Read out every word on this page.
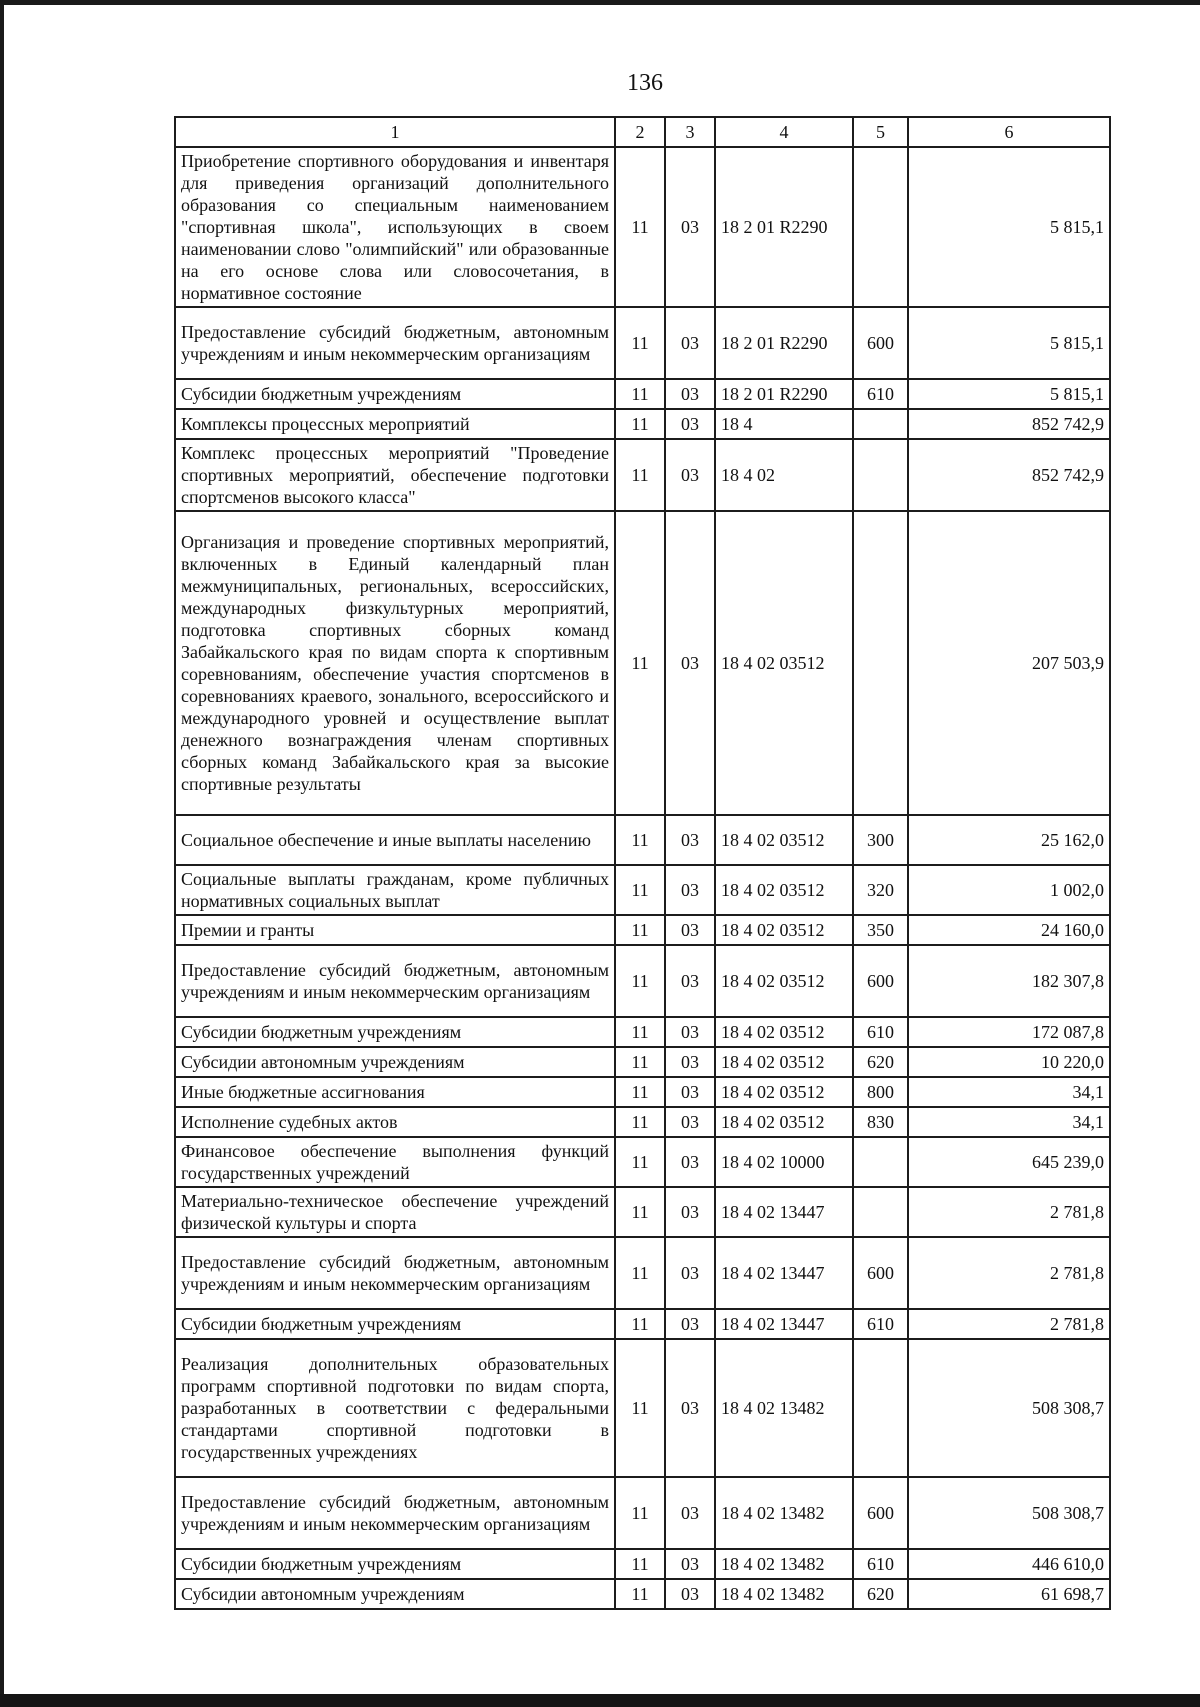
136
1	2	3	4	5	6
Приобретение спортивного оборудования и инвентаря для приведения организаций дополнительного образования со специальным наименованием "спортивная школа", использующих в своем наименовании слово "олимпийский" или образованные на его основе слова или словосочетания, в нормативное состояние	11	03	18 2 01 R2290		5 815,1
Предоставление субсидий бюджетным, автономным учреждениям и иным некоммерческим организациям	11	03	18 2 01 R2290	600	5 815,1
Субсидии бюджетным учреждениям	11	03	18 2 01 R2290	610	5 815,1
Комплексы процессных мероприятий	11	03	18 4		852 742,9
Комплекс процессных мероприятий "Проведение спортивных мероприятий, обеспечение подготовки спортсменов высокого класса"	11	03	18 4 02		852 742,9
Организация и проведение спортивных мероприятий, включенных в Единый календарный план межмуниципальных, региональных, всероссийских, международных физкультурных мероприятий, подготовка спортивных сборных команд Забайкальского края по видам спорта к спортивным соревнованиям, обеспечение участия спортсменов в соревнованиях краевого, зонального, всероссийского и международного уровней и осуществление выплат денежного вознаграждения членам спортивных сборных команд Забайкальского края за высокие спортивные результаты	11	03	18 4 02 03512		207 503,9
Социальное обеспечение и иные выплаты населению	11	03	18 4 02 03512	300	25 162,0
Социальные выплаты гражданам, кроме публичных нормативных социальных выплат	11	03	18 4 02 03512	320	1 002,0
Премии и гранты	11	03	18 4 02 03512	350	24 160,0
Предоставление субсидий бюджетным, автономным учреждениям и иным некоммерческим организациям	11	03	18 4 02 03512	600	182 307,8
Субсидии бюджетным учреждениям	11	03	18 4 02 03512	610	172 087,8
Субсидии автономным учреждениям	11	03	18 4 02 03512	620	10 220,0
Иные бюджетные ассигнования	11	03	18 4 02 03512	800	34,1
Исполнение судебных актов	11	03	18 4 02 03512	830	34,1
Финансовое обеспечение выполнения функций государственных учреждений	11	03	18 4 02 10000		645 239,0
Материально-техническое обеспечение учреждений физической культуры и спорта	11	03	18 4 02 13447		2 781,8
Предоставление субсидий бюджетным, автономным учреждениям и иным некоммерческим организациям	11	03	18 4 02 13447	600	2 781,8
Субсидии бюджетным учреждениям	11	03	18 4 02 13447	610	2 781,8
Реализация дополнительных образовательных программ спортивной подготовки по видам спорта, разработанных в соответствии с федеральными стандартами спортивной подготовки в государственных учреждениях	11	03	18 4 02 13482		508 308,7
Предоставление субсидий бюджетным, автономным учреждениям и иным некоммерческим организациям	11	03	18 4 02 13482	600	508 308,7
Субсидии бюджетным учреждениям	11	03	18 4 02 13482	610	446 610,0
Субсидии автономным учреждениям	11	03	18 4 02 13482	620	61 698,7
